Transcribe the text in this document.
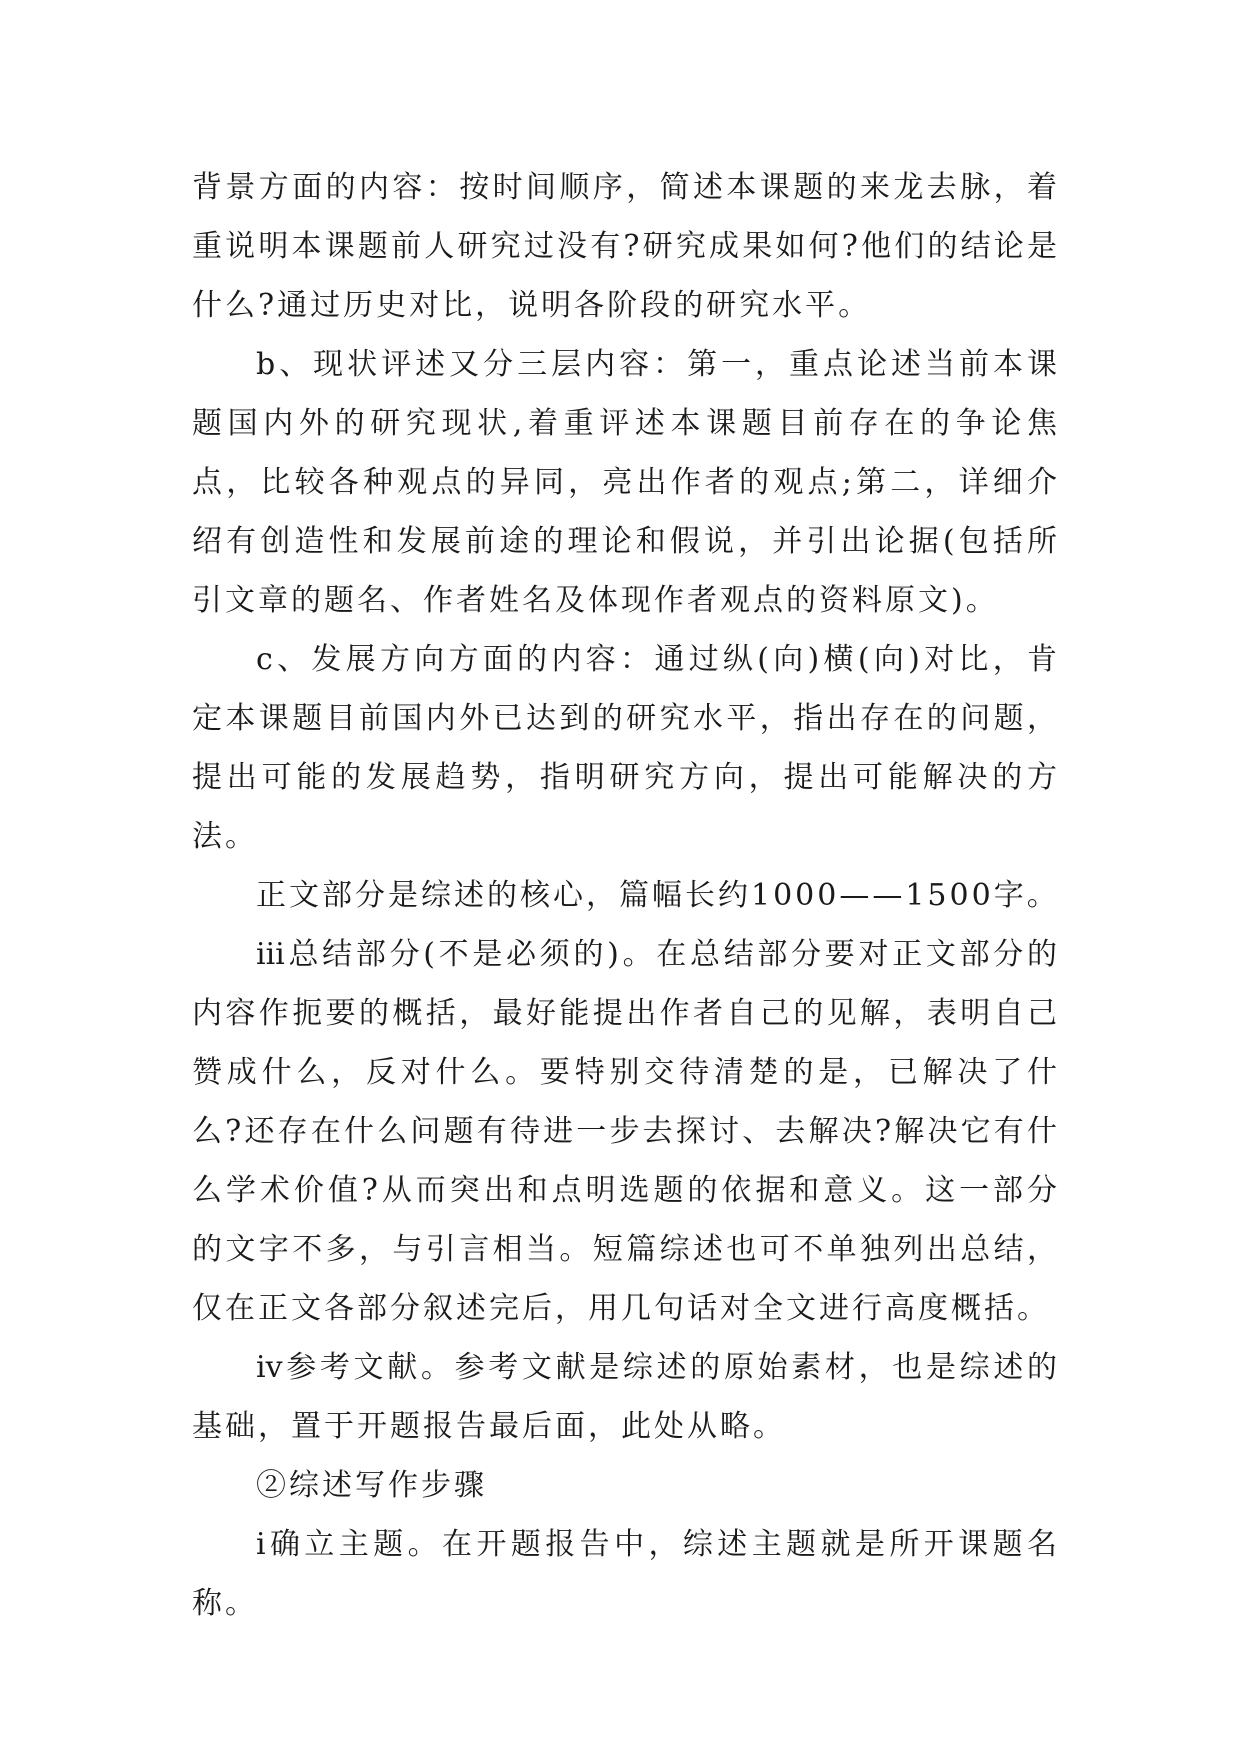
背景方面的内容：按时间顺序，简述本课题的来龙去脉，着重说明本课题前人研究过没有?研究成果如何?他们的结论是什么?通过历史对比，说明各阶段的研究水平。

b、现状评述又分三层内容：第一，重点论述当前本课题国内外的研究现状,着重评述本课题目前存在的争论焦点，比较各种观点的异同，亮出作者的观点;第二，详细介绍有创造性和发展前途的理论和假说，并引出论据(包括所引文章的题名、作者姓名及体现作者观点的资料原文)。

c、发展方向方面的内容：通过纵(向)横(向)对比，肯定本课题目前国内外已达到的研究水平，指出存在的问题，提出可能的发展趋势，指明研究方向，提出可能解决的方法。

正文部分是综述的核心，篇幅长约1000——1500字。

ⅲ总结部分(不是必须的)。在总结部分要对正文部分的内容作扼要的概括，最好能提出作者自己的见解，表明自己赞成什么，反对什么。要特别交待清楚的是，已解决了什么?还存在什么问题有待进一步去探讨、去解决?解决它有什么学术价值?从而突出和点明选题的依据和意义。这一部分的文字不多，与引言相当。短篇综述也可不单独列出总结，仅在正文各部分叙述完后，用几句话对全文进行高度概括。

ⅳ参考文献。参考文献是综述的原始素材，也是综述的基础，置于开题报告最后面，此处从略。

②综述写作步骤

ⅰ确立主题。在开题报告中，综述主题就是所开课题名称。
